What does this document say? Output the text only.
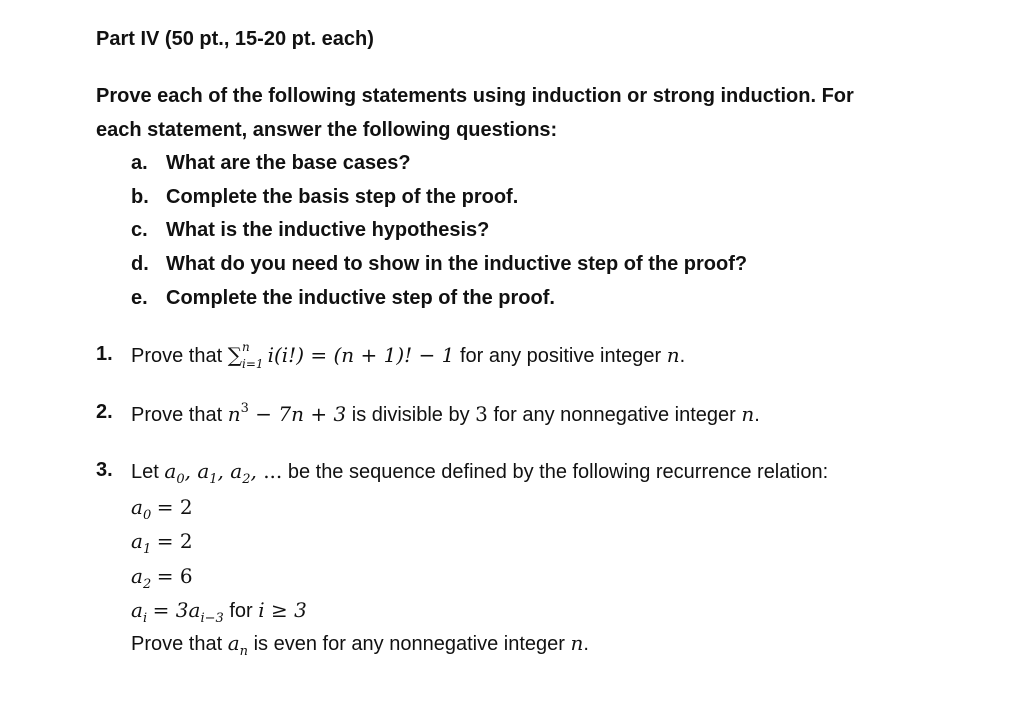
Part IV (50 pt., 15-20 pt. each)
Prove each of the following statements using induction or strong induction. For
each statement, answer the following questions:
a. What are the base cases?
b. Complete the basis step of the proof.
c. What is the inductive hypothesis?
d. What do you need to show in the inductive step of the proof?
e. Complete the inductive step of the proof.
1. Prove that ∑ n
i=1 i(i!) = (n + 1)! − 1 for any positive integer n.
2. Prove that $n^3 - 7n + 3$ is divisible by 3 for any nonnegative integer n.
3. Let $a_0$, $a_1$, $a_2$, ... be the sequence defined by the following recurrence relation:
$a_0 = 2$
$a_1 = 2$
$a_2 = 6$
$a_i = 3a_{i-3}$ for i ≥ 3
Prove that $a_n$ is even for any nonnegative integer n.
